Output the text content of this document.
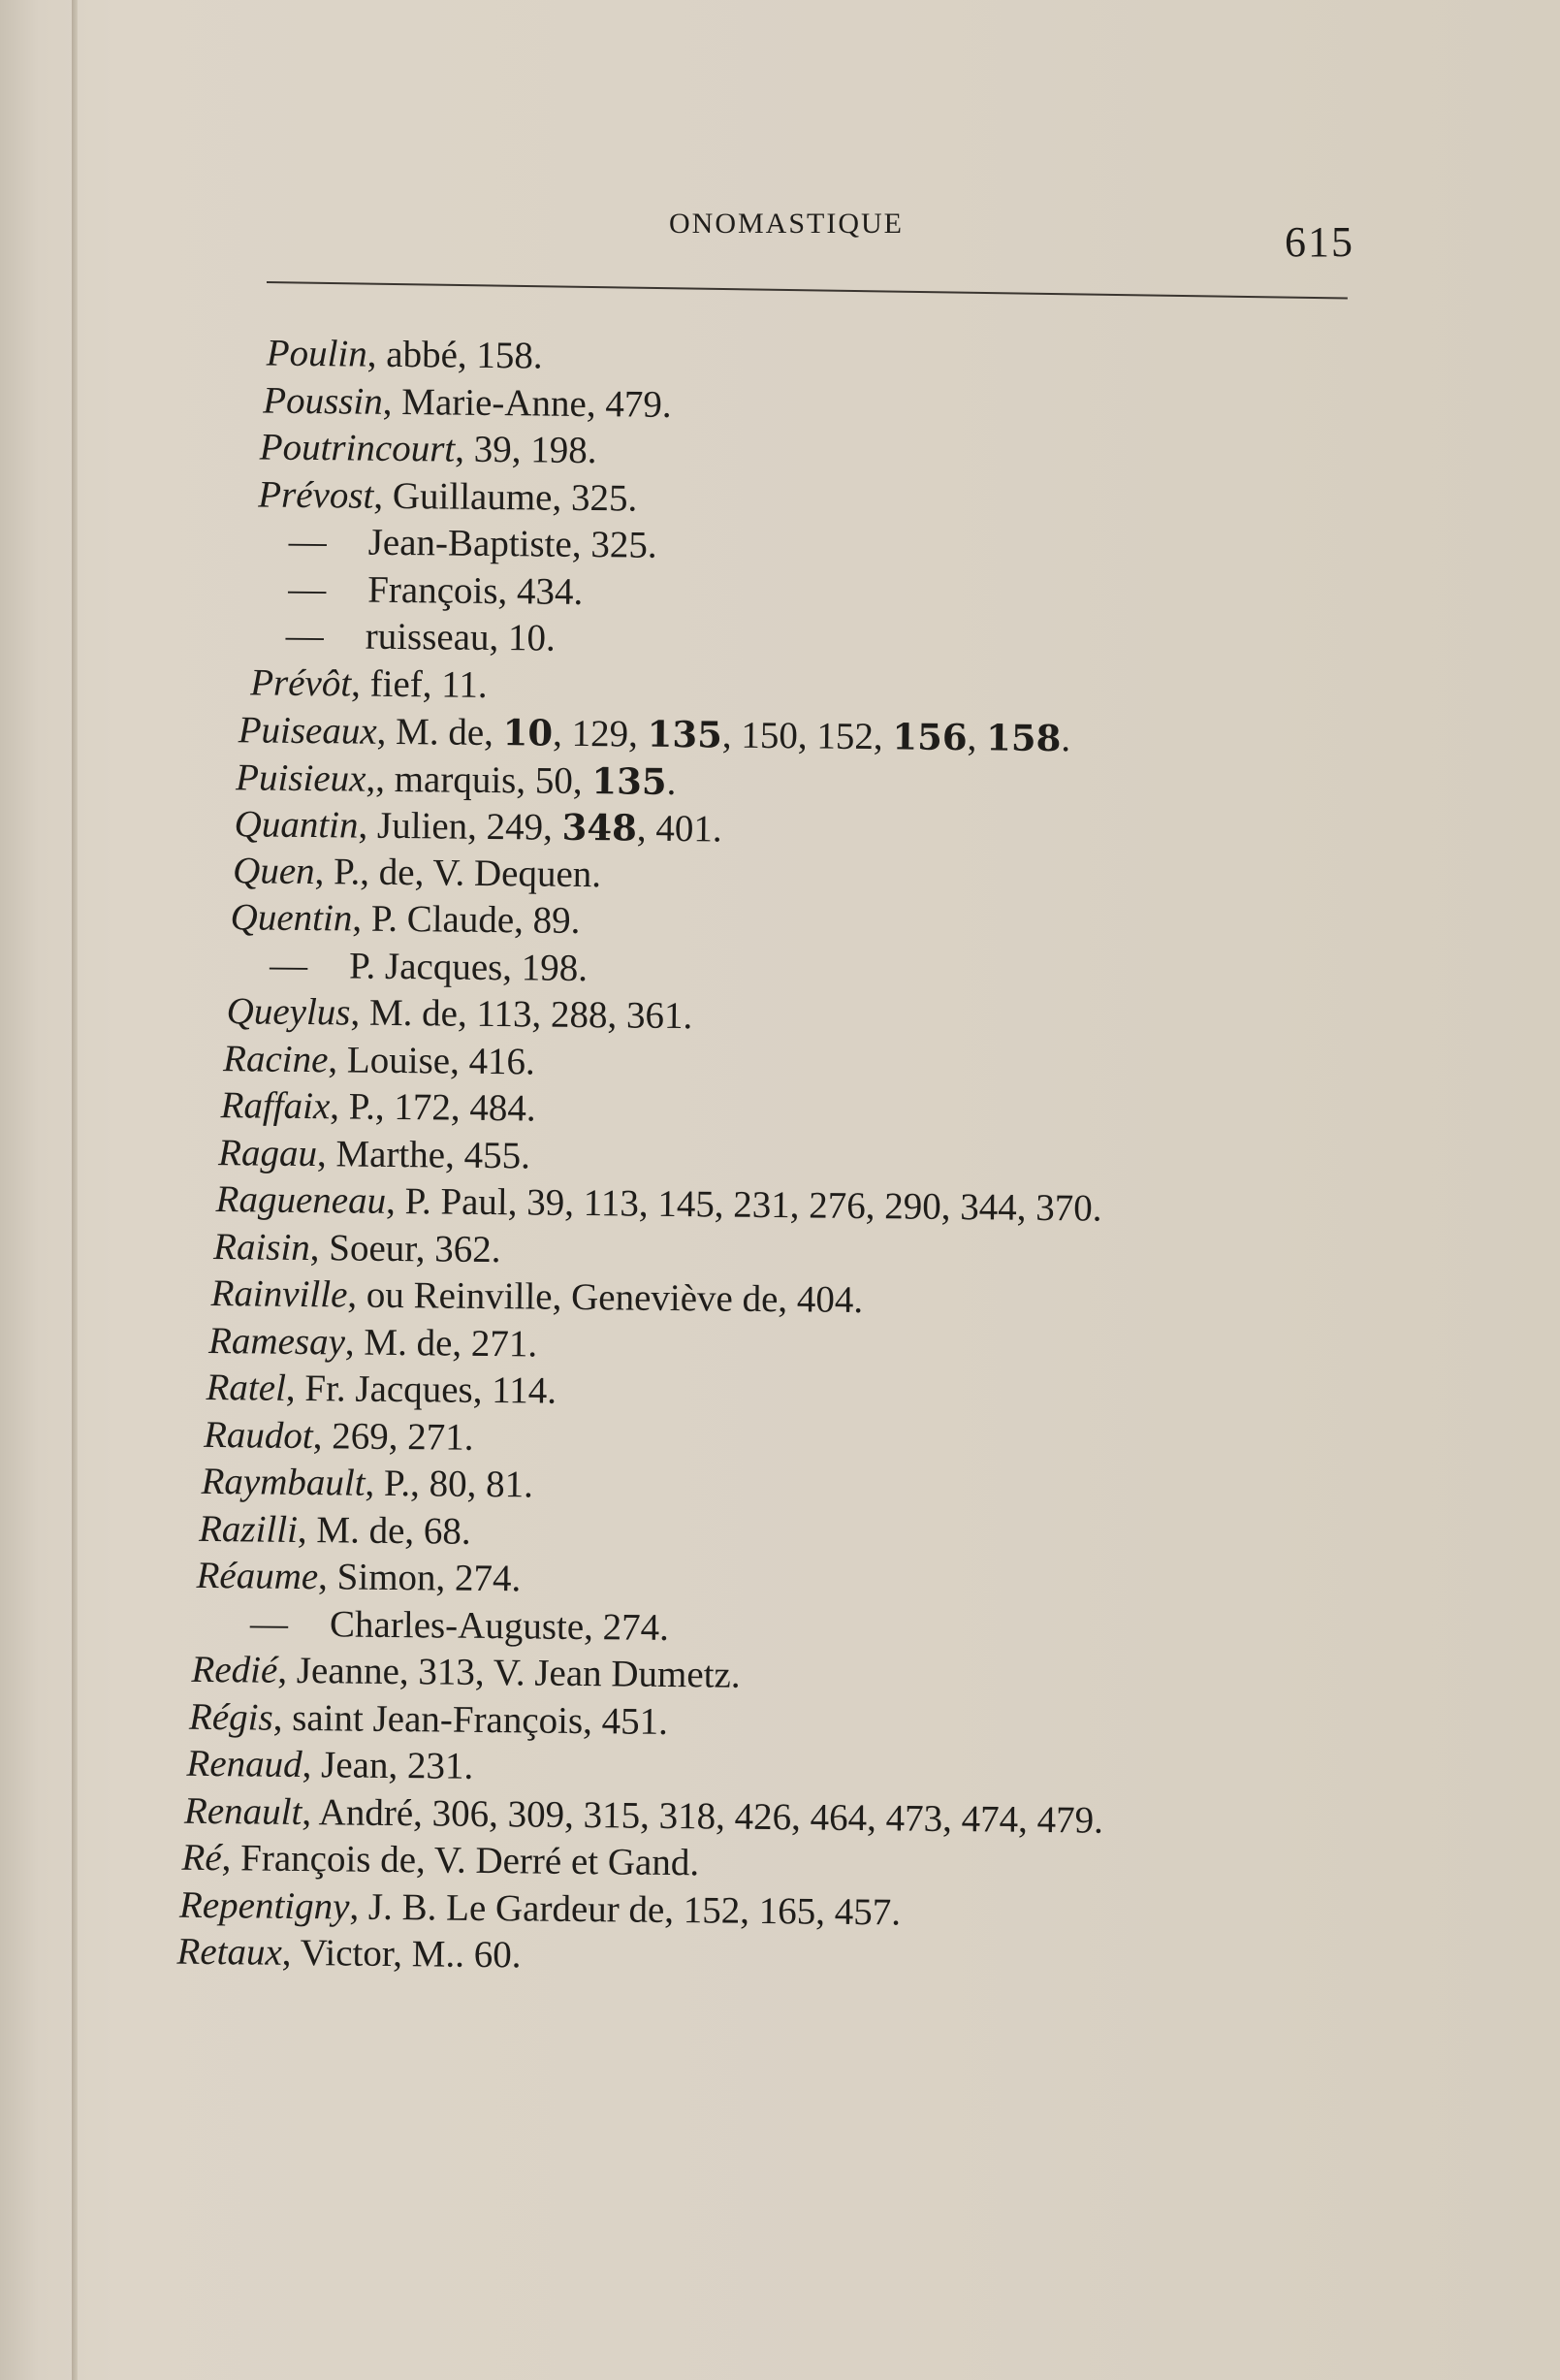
ONOMASTIQUE	615
Poulin, abbé, 158.
Poussin, Marie-Anne, 479.
Poutrincourt, 39, 198.
Prévost, Guillaume, 325.
— Jean-Baptiste, 325.
— François, 434.
— ruisseau, 10.
Prévôt, fief, 11.
Puiseaux, M. de, 10, 129, 135, 150, 152, 156, 158.
Puisieux,, marquis, 50, 135.
Quantin, Julien, 249, 348, 401.
Quen, P., de, V. Dequen.
Quentin, P. Claude, 89.
— P. Jacques, 198.
Queylus, M. de, 113, 288, 361.
Racine, Louise, 416.
Raffaix, P., 172, 484.
Ragau, Marthe, 455.
Ragueneau, P. Paul, 39, 113, 145, 231, 276, 290, 344, 370.
Raisin, Soeur, 362.
Rainville, ou Reinville, Geneviève de, 404.
Ramesay, M. de, 271.
Ratel, Fr. Jacques, 114.
Raudot, 269, 271.
Raymbault, P., 80, 81.
Razilli, M. de, 68.
Réaume, Simon, 274.
— Charles-Auguste, 274.
Redié, Jeanne, 313, V. Jean Dumetz.
Régis, saint Jean-François, 451.
Renaud, Jean, 231.
Renault, André, 306, 309, 315, 318, 426, 464, 473, 474, 479.
Ré, François de, V. Derré et Gand.
Repentigny, J. B. Le Gardeur de, 152, 165, 457.
Retaux, Victor, M.. 60.
